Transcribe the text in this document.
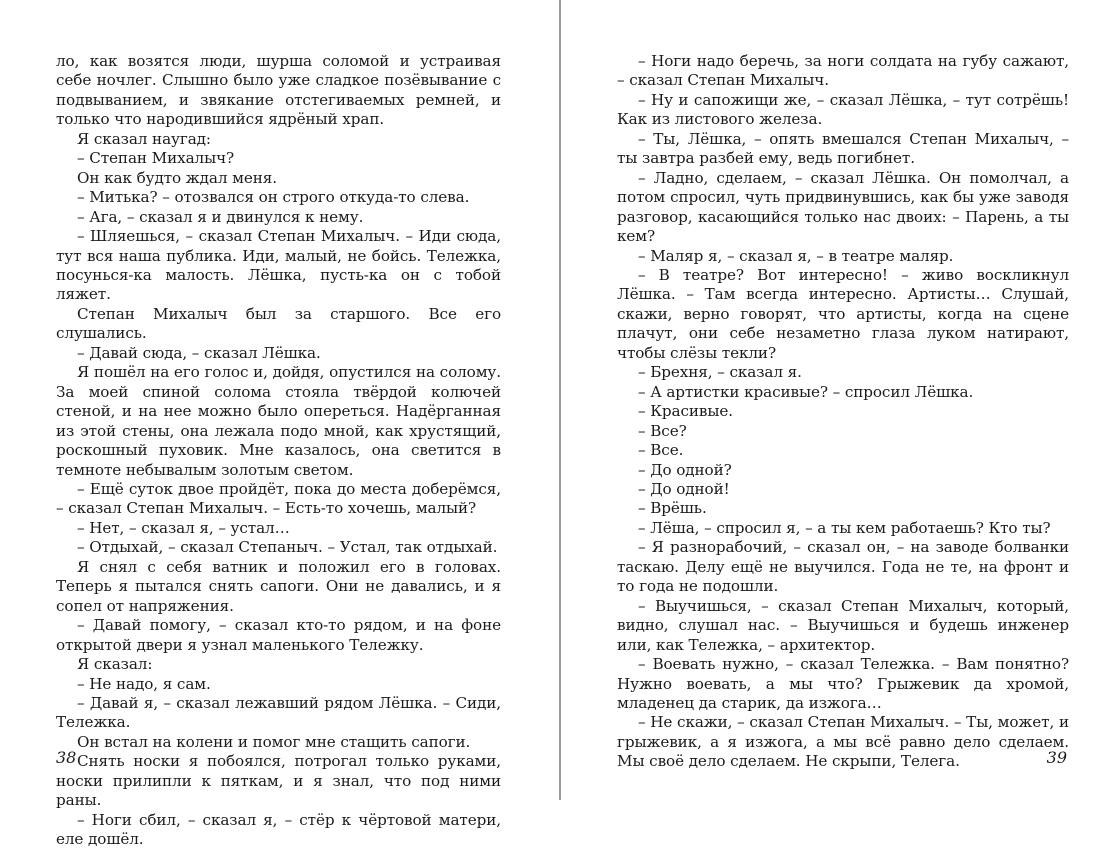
ло, как возятся люди, шурша соломой и устраивая себе ночлег. Слышно было уже сладкое позёвывание с подвыванием, и звякание отстегиваемых ремней, и только что народившийся ядрёный храп.

Я сказал наугад:

– Степан Михалыч?

Он как будто ждал меня.

– Митька? – отозвался он строго откуда-то слева.

– Ага, – сказал я и двинулся к нему.

– Шляешься, – сказал Степан Михалыч. – Иди сюда, тут вся наша публика. Иди, малый, не бойсь. Тележка, посунься-ка малость. Лёшка, пусть-ка он с тобой ляжет.

Степан Михалыч был за старшого. Все его слушались.

– Давай сюда, – сказал Лёшка.

Я пошёл на его голос и, дойдя, опустился на солому. За моей спиной солома стояла твёрдой колючей стеной, и на нее можно было опереться. Надёрганная из этой стены, она лежала подо мной, как хрустящий, роскошный пуховик. Мне казалось, она светится в темноте небывалым золотым светом.

– Ещё суток двое пройдёт, пока до места доберёмся, – сказал Степан Михалыч. – Есть-то хочешь, малый?

– Нет, – сказал я, – устал…

– Отдыхай, – сказал Степаныч. – Устал, так отдыхай.

Я снял с себя ватник и положил его в головах. Теперь я пытался снять сапоги. Они не давались, и я сопел от напряжения.

– Давай помогу, – сказал кто-то рядом, и на фоне открытой двери я узнал маленького Тележку.

Я сказал:

– Не надо, я сам.

– Давай я, – сказал лежавший рядом Лёшка. – Сиди, Тележка.

Он встал на колени и помог мне стащить сапоги.

Снять носки я побоялся, потрогал только руками, носки прилипли к пяткам, и я знал, что под ними раны.

– Ноги сбил, – сказал я, – стёр к чёртовой матери, еле дошёл.

38

– Ноги надо беречь, за ноги солдата на губу сажают, – сказал Степан Михалыч.

– Ну и сапожищи же, – сказал Лёшка, – тут сотрёшь! Как из листового железа.

– Ты, Лёшка, – опять вмешался Степан Михалыч, – ты завтра разбей ему, ведь погибнет.

– Ладно, сделаем, – сказал Лёшка. Он помолчал, а потом спросил, чуть придвинувшись, как бы уже заводя разговор, касающийся только нас двоих: – Парень, а ты кем?

– Маляр я, – сказал я, – в театре маляр.

– В театре? Вот интересно! – живо воскликнул Лёшка. – Там всегда интересно. Артисты… Слушай, скажи, верно говорят, что артисты, когда на сцене плачут, они себе незаметно глаза луком натирают, чтобы слёзы текли?

– Брехня, – сказал я.

– А артистки красивые? – спросил Лёшка.

– Красивые.

– Все?

– Все.

– До одной?

– До одной!

– Врёшь.

– Лёша, – спросил я, – а ты кем работаешь? Кто ты?

– Я разнорабочий, – сказал он, – на заводе болванки таскаю. Делу ещё не выучился. Года не те, на фронт и то года не подошли.

– Выучишься, – сказал Степан Михалыч, который, видно, слушал нас. – Выучишься и будешь инженер или, как Тележка, – архитектор.

– Воевать нужно, – сказал Тележка. – Вам понятно? Нужно воевать, а мы что? Грыжевик да хромой, младенец да старик, да изжога…

– Не скажи, – сказал Степан Михалыч. – Ты, может, и грыжевик, а я изжога, а мы всё равно дело сделаем. Мы своё дело сделаем. Не скрыпи, Телега.	39
